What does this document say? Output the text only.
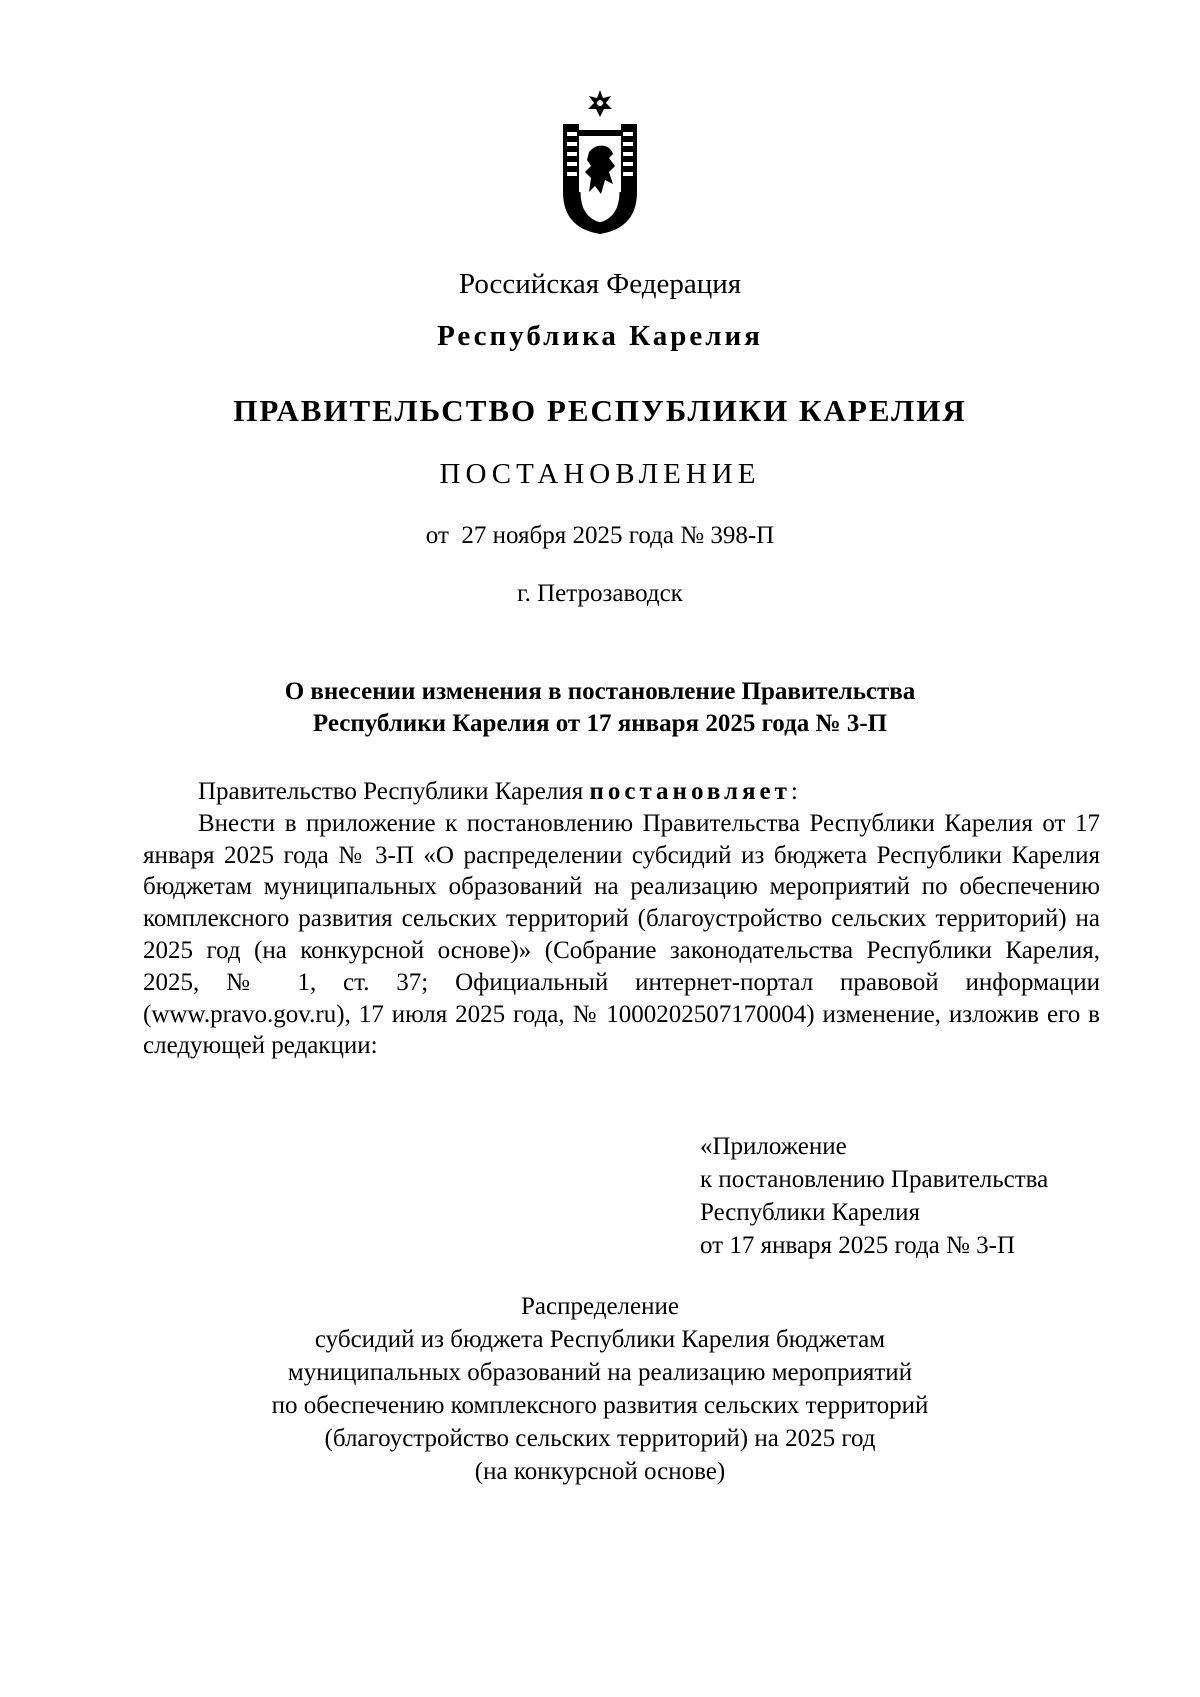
Российская Федерация
Республика Карелия
ПРАВИТЕЛЬСТВО РЕСПУБЛИКИ КАРЕЛИЯ
ПОСТАНОВЛЕНИЕ
от  27 ноября 2025 года № 398-П
г. Петрозаводск
О внесении изменения в постановление Правительства
Республики Карелия от 17 января 2025 года № 3-П

Правительство Республики Карелия постановляет:

Внести в приложение к постановлению Правительства Республики Карелия от 17 января 2025 года № 3-П «О распределении субсидий из бюджета Республики Карелия бюджетам муниципальных образований на реализацию мероприятий по обеспечению комплексного развития сельских территорий (благоустройство сельских территорий) на 2025 год (на конкурсной основе)» (Собрание законодательства Республики Карелия, 2025, № 1, ст. 37; Официальный интернет-портал правовой информации (www.pravo.gov.ru), 17 июля 2025 года, № 1000202507170004) изменение, изложив его в следующей редакции:

«Приложение
к постановлению Правительства
Республики Карелия
от 17 января 2025 года № 3-П
Распределение
субсидий из бюджета Республики Карелия бюджетам
муниципальных образований на реализацию мероприятий
по обеспечению комплексного развития сельских территорий
(благоустройство сельских территорий) на 2025 год
(на конкурсной основе)
